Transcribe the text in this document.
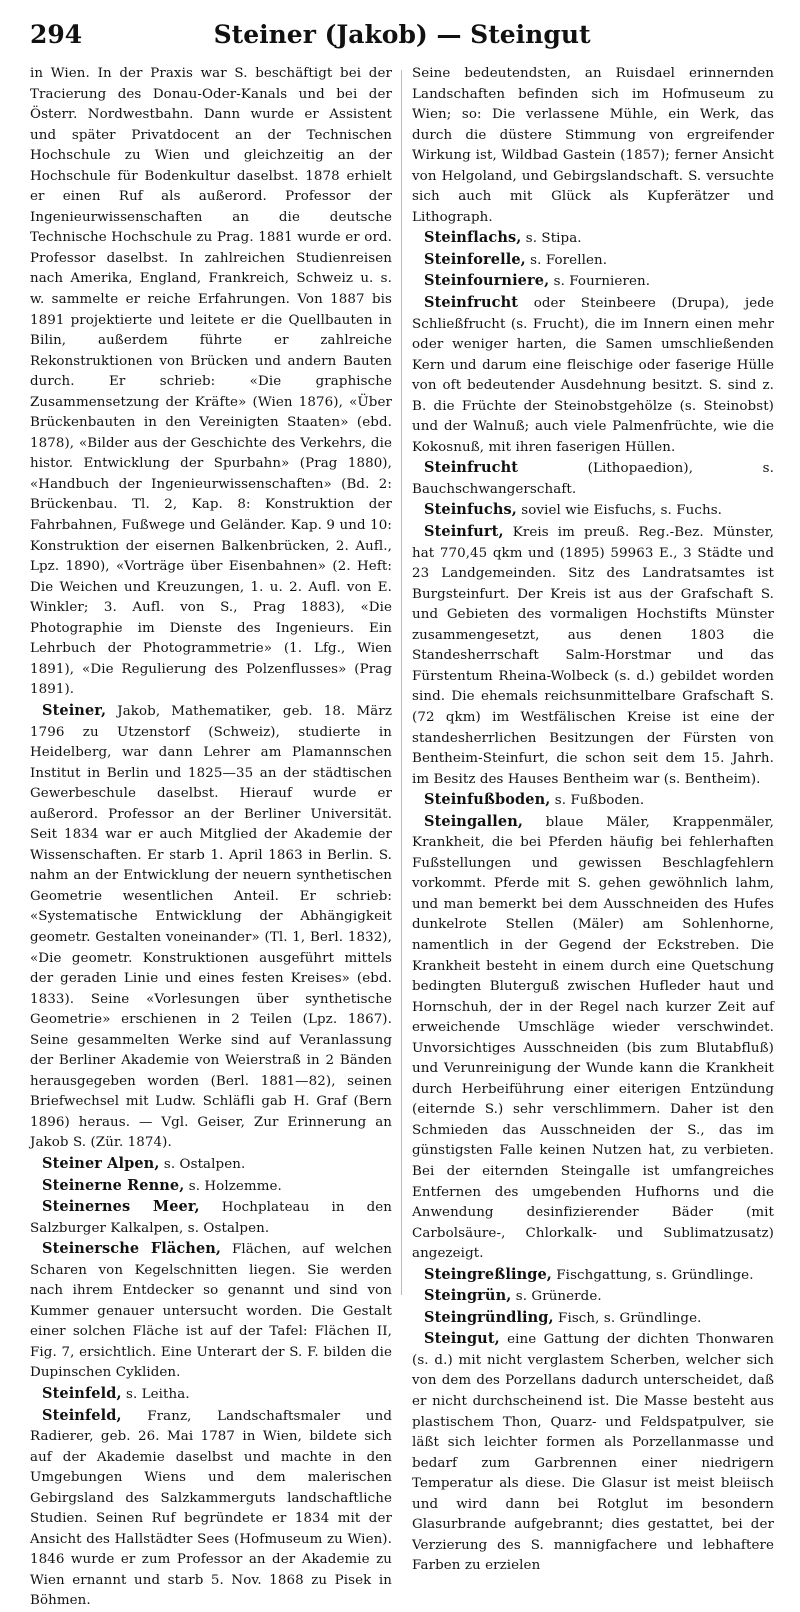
294	Steiner (Jakob) — Steingut

in Wien. In der Praxis war S. beschäftigt bei der Tracierung des Donau-Oder-Kanals und bei der Österr. Nordwestbahn. Dann wurde er Assistent und später Privatdocent an der Technischen Hochschule zu Wien und gleichzeitig an der Hochschule für Bodenkultur daselbst. 1878 erhielt er einen Ruf als außerord. Professor der Ingenieurwissenschaften an die deutsche Technische Hochschule zu Prag. 1881 wurde er ord. Professor daselbst. In zahlreichen Studienreisen nach Amerika, England, Frankreich, Schweiz u. s. w. sammelte er reiche Erfahrungen. Von 1887 bis 1891 projektierte und leitete er die Quellbauten in Bilin, außerdem führte er zahlreiche Rekonstruktionen von Brücken und andern Bauten durch. Er schrieb: «Die graphische Zusammensetzung der Kräfte» (Wien 1876), «Über Brückenbauten in den Vereinigten Staaten» (ebd. 1878), «Bilder aus der Geschichte des Verkehrs, die histor. Entwicklung der Spurbahn» (Prag 1880), «Handbuch der Ingenieurwissenschaften» (Bd. 2: Brückenbau. Tl. 2, Kap. 8: Konstruktion der Fahrbahnen, Fußwege und Geländer. Kap. 9 und 10: Konstruktion der eisernen Balkenbrücken, 2. Aufl., Lpz. 1890), «Vorträge über Eisenbahnen» (2. Heft: Die Weichen und Kreuzungen, 1. u. 2. Aufl. von E. Winkler; 3. Aufl. von S., Prag 1883), «Die Photographie im Dienste des Ingenieurs. Ein Lehrbuch der Photogrammetrie» (1. Lfg., Wien 1891), «Die Regulierung des Polzenflusses» (Prag 1891).

Steiner, Jakob, Mathematiker, geb. 18. März 1796 zu Utzenstorf (Schweiz), studierte in Heidelberg, war dann Lehrer am Plamannschen Institut in Berlin und 1825—35 an der städtischen Gewerbeschule daselbst. Hierauf wurde er außerord. Professor an der Berliner Universität. Seit 1834 war er auch Mitglied der Akademie der Wissenschaften. Er starb 1. April 1863 in Berlin. S. nahm an der Entwicklung der neuern synthetischen Geometrie wesentlichen Anteil. Er schrieb: «Systematische Entwicklung der Abhängigkeit geometr. Gestalten voneinander» (Tl. 1, Berl. 1832), «Die geometr. Konstruktionen ausgeführt mittels der geraden Linie und eines festen Kreises» (ebd. 1833). Seine «Vorlesungen über synthetische Geometrie» erschienen in 2 Teilen (Lpz. 1867). Seine gesammelten Werke sind auf Veranlassung der Berliner Akademie von Weierstraß in 2 Bänden herausgegeben worden (Berl. 1881—82), seinen Briefwechsel mit Ludw. Schläfli gab H. Graf (Bern 1896) heraus. — Vgl. Geiser, Zur Erinnerung an Jakob S. (Zür. 1874).

Steiner Alpen, s. Ostalpen.

Steinerne Renne, s. Holzemme.

Steinernes Meer, Hochplateau in den Salzburger Kalkalpen, s. Ostalpen.

Steinersche Flächen, Flächen, auf welchen Scharen von Kegelschnitten liegen. Sie werden nach ihrem Entdecker so genannt und sind von Kummer genauer untersucht worden. Die Gestalt einer solchen Fläche ist auf der Tafel: Flächen II, Fig. 7, ersichtlich. Eine Unterart der S. F. bilden die Dupinschen Cykliden.

Steinfeld, s. Leitha.

Steinfeld, Franz, Landschaftsmaler und Radierer, geb. 26. Mai 1787 in Wien, bildete sich auf der Akademie daselbst und machte in den Umgebungen Wiens und dem malerischen Gebirgsland des Salzkammerguts landschaftliche Studien. Seinen Ruf begründete er 1834 mit der Ansicht des Hallstädter Sees (Hofmuseum zu Wien). 1846 wurde er zum Professor an der Akademie zu Wien ernannt und starb 5. Nov. 1868 zu Pisek in Böhmen.

Seine bedeutendsten, an Ruisdael erinnernden Landschaften befinden sich im Hofmuseum zu Wien; so: Die verlassene Mühle, ein Werk, das durch die düstere Stimmung von ergreifender Wirkung ist, Wildbad Gastein (1857); ferner Ansicht von Helgoland, und Gebirgslandschaft. S. versuchte sich auch mit Glück als Kupferätzer und Lithograph.

Steinflachs, s. Stipa.

Steinforelle, s. Forellen.

Steinfourniere, s. Fournieren.

Steinfrucht oder Steinbeere (Drupa), jede Schließfrucht (s. Frucht), die im Innern einen mehr oder weniger harten, die Samen umschließenden Kern und darum eine fleischige oder faserige Hülle von oft bedeutender Ausdehnung besitzt. S. sind z. B. die Früchte der Steinobstgehölze (s. Steinobst) und der Walnuß; auch viele Palmenfrüchte, wie die Kokosnuß, mit ihren faserigen Hüllen.

Steinfrucht (Lithopaedion), s. Bauchschwangerschaft.

Steinfuchs, soviel wie Eisfuchs, s. Fuchs.

Steinfurt, Kreis im preuß. Reg.-Bez. Münster, hat 770,45 qkm und (1895) 59963 E., 3 Städte und 23 Landgemeinden. Sitz des Landratsamtes ist Burgsteinfurt. Der Kreis ist aus der Grafschaft S. und Gebieten des vormaligen Hochstifts Münster zusammengesetzt, aus denen 1803 die Standesherrschaft Salm-Horstmar und das Fürstentum Rheina-Wolbeck (s. d.) gebildet worden sind. Die ehemals reichsunmittelbare Grafschaft S. (72 qkm) im Westfälischen Kreise ist eine der standesherrlichen Besitzungen der Fürsten von Bentheim-Steinfurt, die schon seit dem 15. Jahrh. im Besitz des Hauses Bentheim war (s. Bentheim).

Steinfußboden, s. Fußboden.

Steingallen, blaue Mäler, Krappenmäler, Krankheit, die bei Pferden häufig bei fehlerhaften Fußstellungen und gewissen Beschlagfehlern vorkommt. Pferde mit S. gehen gewöhnlich lahm, und man bemerkt bei dem Ausschneiden des Hufes dunkelrote Stellen (Mäler) am Sohlenhorne, namentlich in der Gegend der Eckstreben. Die Krankheit besteht in einem durch eine Quetschung bedingten Bluterguß zwischen Hufleder haut und Hornschuh, der in der Regel nach kurzer Zeit auf erweichende Umschläge wieder verschwindet. Unvorsichtiges Ausschneiden (bis zum Blutabfluß) und Verunreinigung der Wunde kann die Krankheit durch Herbeiführung einer eiterigen Entzündung (eiternde S.) sehr verschlimmern. Daher ist den Schmieden das Ausschneiden der S., das im günstigsten Falle keinen Nutzen hat, zu verbieten. Bei der eiternden Steingalle ist umfangreiches Entfernen des umgebenden Hufhorns und die Anwendung desinfizierender Bäder (mit Carbolsäure-, Chlorkalk- und Sublimatzusatz) angezeigt.

Steingreßlinge, Fischgattung, s. Gründlinge.

Steingrün, s. Grünerde.

Steingründling, Fisch, s. Gründlinge.

Steingut, eine Gattung der dichten Thonwaren (s. d.) mit nicht verglastem Scherben, welcher sich von dem des Porzellans dadurch unterscheidet, daß er nicht durchscheinend ist. Die Masse besteht aus plastischem Thon, Quarz- und Feldspatpulver, sie läßt sich leichter formen als Porzellanmasse und bedarf zum Garbrennen einer niedrigern Temperatur als diese. Die Glasur ist meist bleiisch und wird dann bei Rotglut im besondern Glasurbrande aufgebrannt; dies gestattet, bei der Verzierung des S. mannigfachere und lebhaftere Farben zu erzielen
